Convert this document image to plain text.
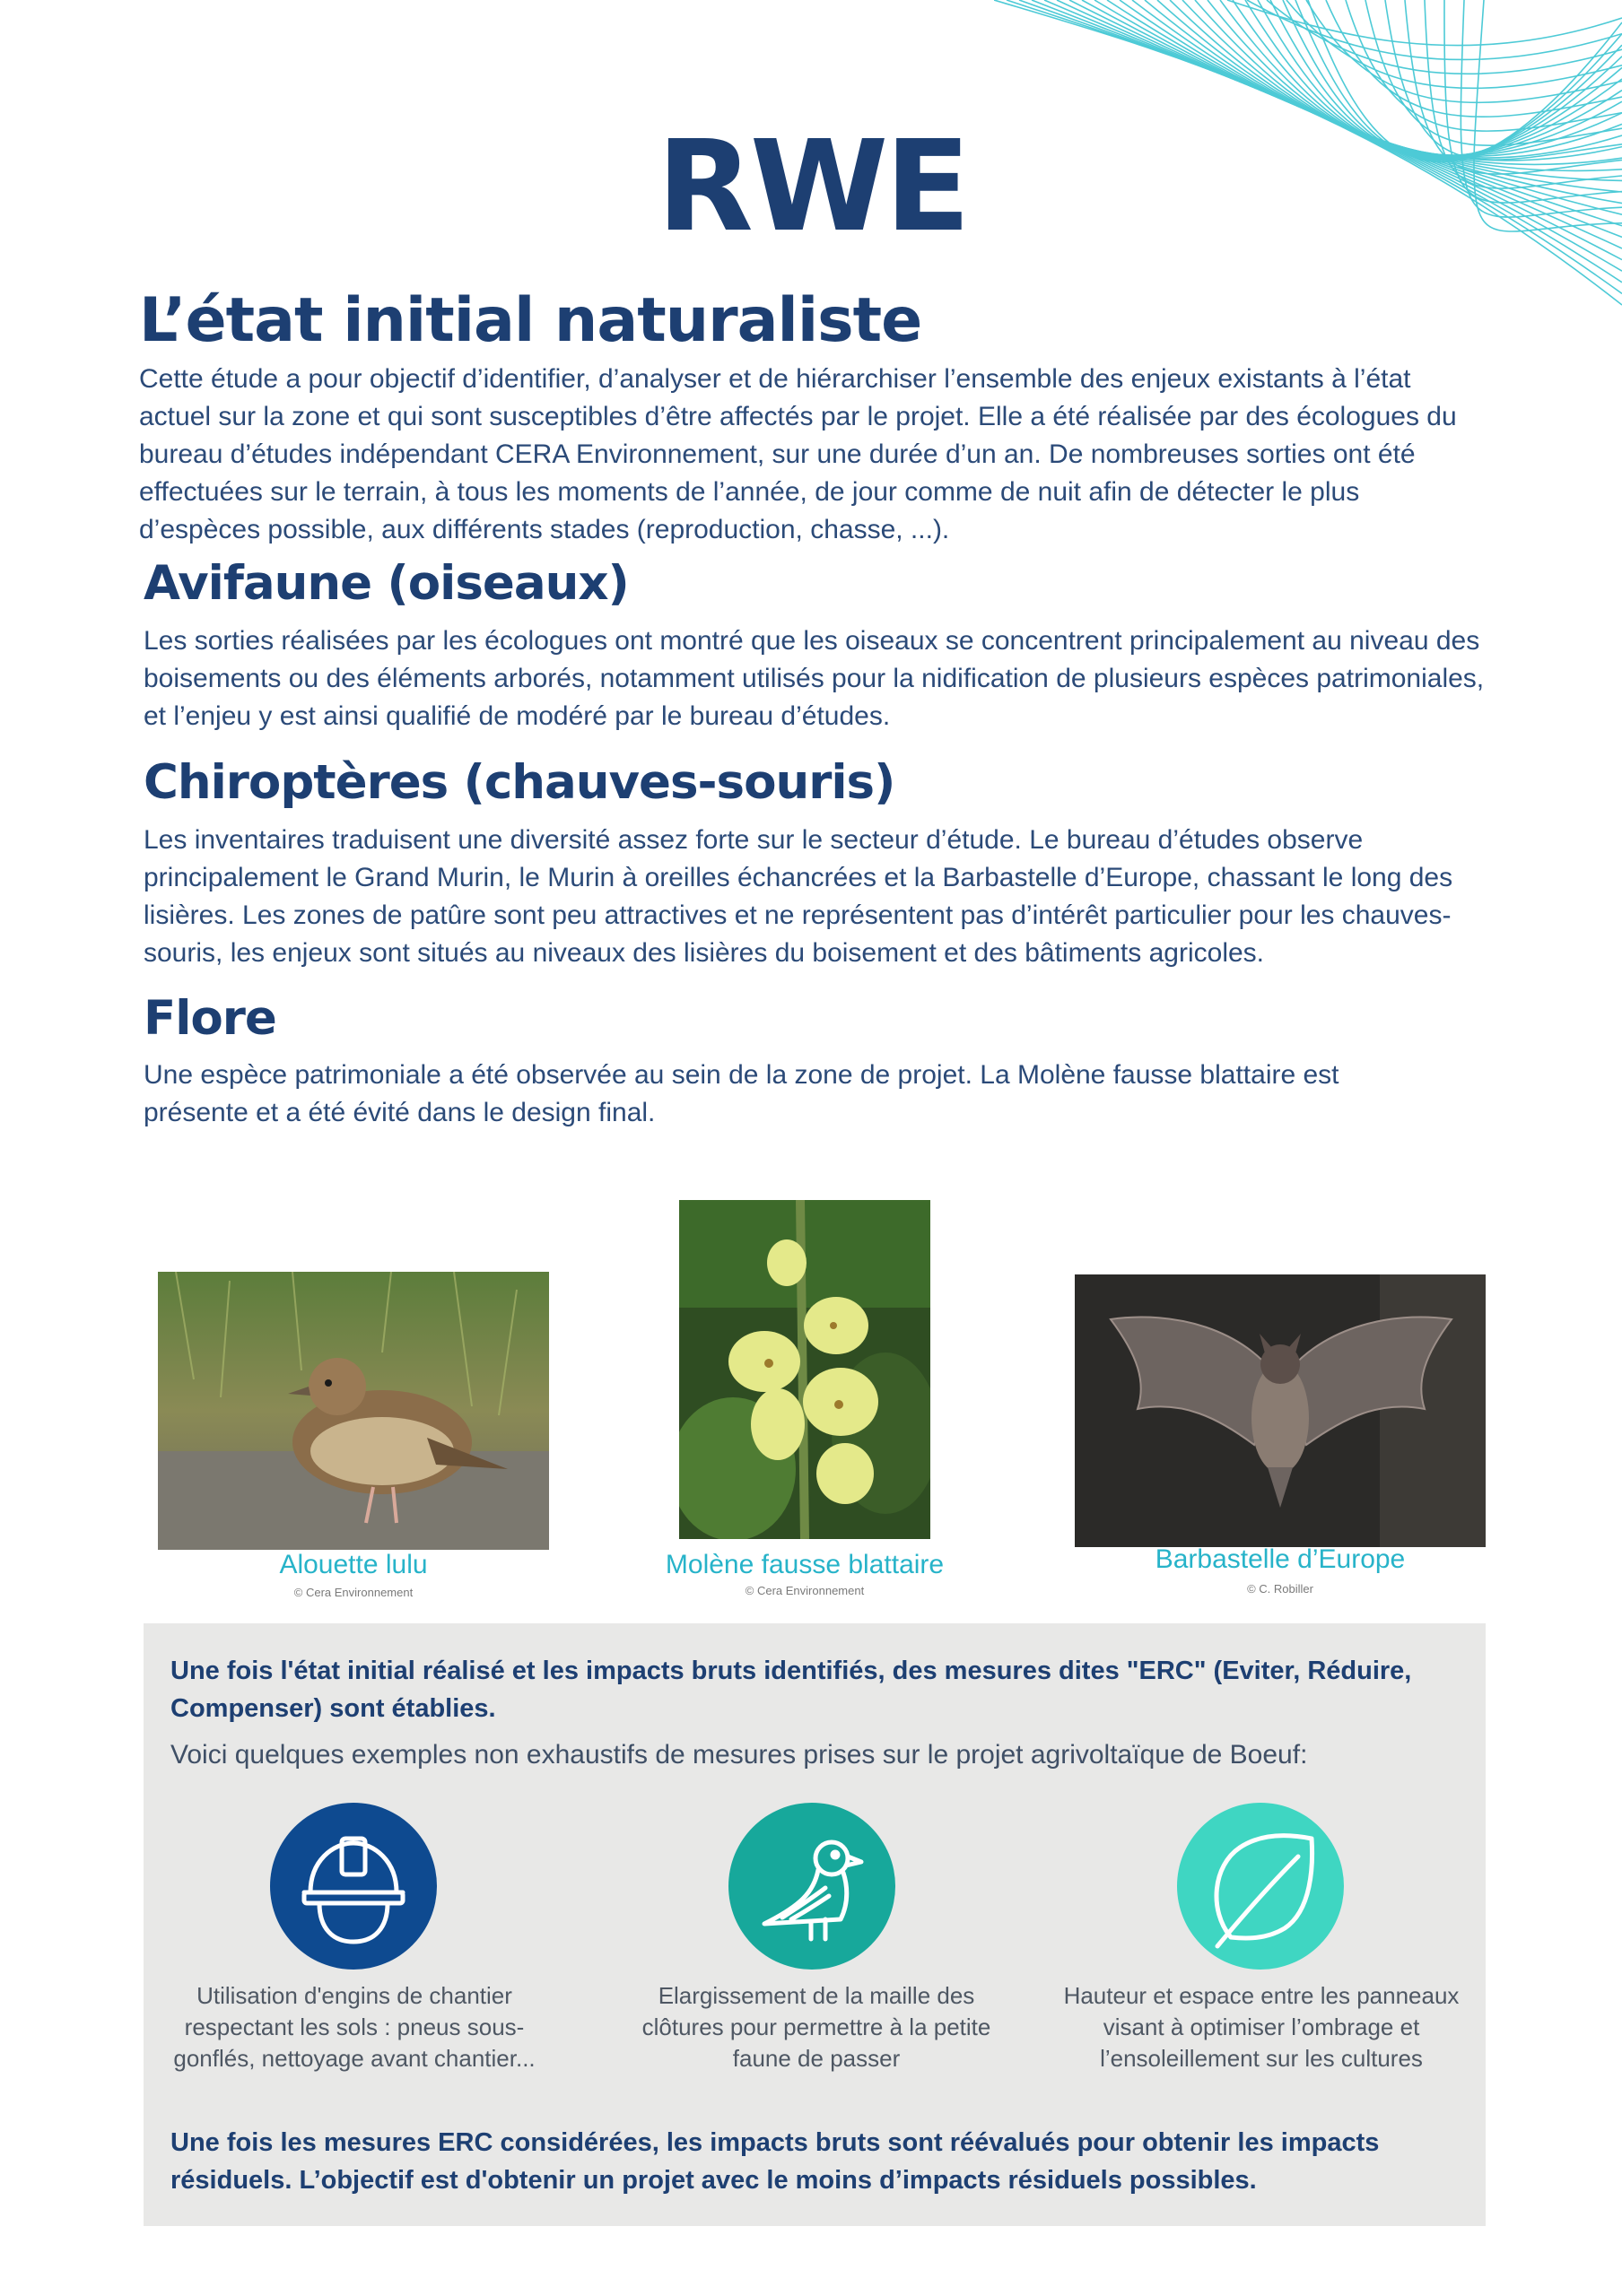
RWE
L’état initial naturaliste

Cette étude a pour objectif d’identifier, d’analyser et de hiérarchiser l’ensemble des enjeux existants à l’état actuel sur la zone et qui sont susceptibles d’être affectés par le projet. Elle a été réalisée par des écologues du bureau d’études indépendant CERA Environnement, sur une durée d’un an. De nombreuses sorties ont été effectuées sur le terrain, à tous les moments de l’année, de jour comme de nuit afin de détecter le plus d’espèces possible, aux différents stades (reproduction, chasse, ...).

Avifaune (oiseaux)

Les sorties réalisées par les écologues ont montré que les oiseaux se concentrent principalement au niveau des boisements ou des éléments arborés, notamment utilisés pour la nidification de plusieurs espèces patrimoniales, et l’enjeu y est ainsi qualifié de modéré par le bureau d’études.

Chiroptères (chauves-souris)

Les inventaires traduisent une diversité assez forte sur le secteur d’étude. Le bureau d’études observe principalement le Grand Murin, le Murin à oreilles échancrées et la Barbastelle d’Europe, chassant le long des lisières. Les zones de patûre sont peu attractives et ne représentent pas d’intérêt particulier pour les chauves-souris, les enjeux sont situés au niveaux des lisières du boisement et des bâtiments agricoles.

Flore

Une espèce patrimoniale a été observée au sein de la zone de projet. La Molène fausse blattaire est présente et a été évité dans le design final.

Alouette lulu
© Cera Environnement
Molène fausse blattaire
© Cera Environnement
Barbastelle d’Europe
© C. Robiller
Une fois l'état initial réalisé et les impacts bruts identifiés, des mesures dites "ERC" (Eviter, Réduire, Compenser) sont établies.
Voici quelques exemples non exhaustifs de mesures prises sur le projet agrivoltaïque de Boeuf:
Utilisation d'engins de chantier respectant les sols : pneus sous-gonflés, nettoyage avant chantier...
Elargissement de la maille des clôtures pour permettre à la petite faune de passer
Hauteur et espace entre les panneaux visant à optimiser l’ombrage et l’ensoleillement sur les cultures
Une fois les mesures ERC considérées, les impacts bruts sont réévalués pour obtenir les impacts résiduels. L’objectif est d'obtenir un projet avec le moins d’impacts résiduels possibles.
